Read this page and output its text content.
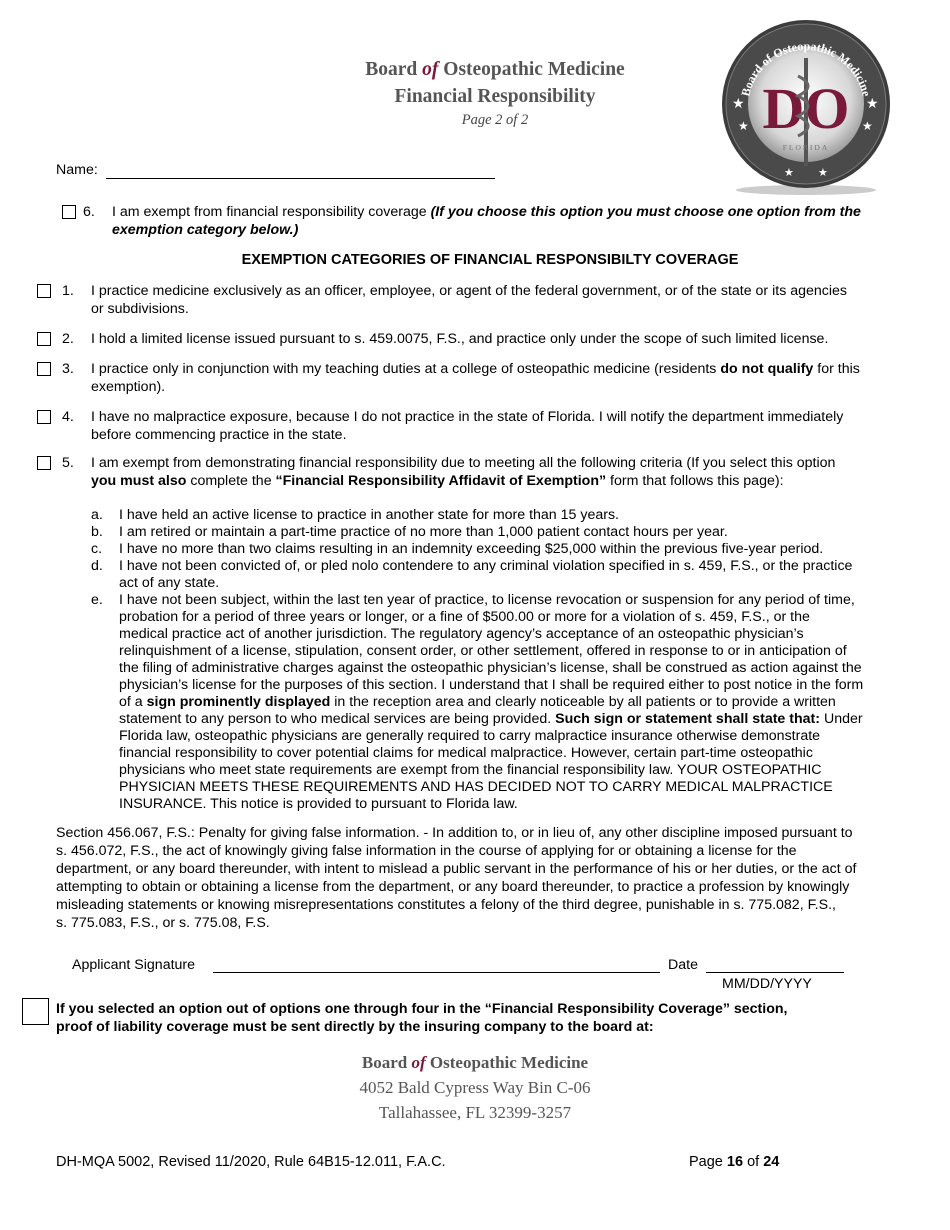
Board of Osteopathic Medicine
Financial Responsibility
Page 2 of 2
Board of Osteopathic Medicine
DO
FLORIDA
★	★
★	★
★ ★
Name:
6. I am exempt from financial responsibility coverage (If you choose this option you must choose one option from the
exemption category below.)
EXEMPTION CATEGORIES OF FINANCIAL RESPONSIBILTY COVERAGE
1. I practice medicine exclusively as an officer, employee, or agent of the federal government, or of the state or its agencies
or subdivisions.
2. I hold a limited license issued pursuant to s. 459.0075, F.S., and practice only under the scope of such limited license.
3. I practice only in conjunction with my teaching duties at a college of osteopathic medicine (residents do not qualify for this
exemption).
4. I have no malpractice exposure, because I do not practice in the state of Florida. I will notify the department immediately
before commencing practice in the state.
5. I am exempt from demonstrating financial responsibility due to meeting all the following criteria (If you select this option
you must also complete the “Financial Responsibility Affidavit of Exemption” form that follows this page):
a. I have held an active license to practice in another state for more than 15 years.
b. I am retired or maintain a part-time practice of no more than 1,000 patient contact hours per year.
c. I have no more than two claims resulting in an indemnity exceeding $25,000 within the previous five-year period.
d. I have not been convicted of, or pled nolo contendere to any criminal violation specified in s. 459, F.S., or the practice
act of any state.
e. I have not been subject, within the last ten year of practice, to license revocation or suspension for any period of time,
probation for a period of three years or longer, or a fine of $500.00 or more for a violation of s. 459, F.S., or the
medical practice act of another jurisdiction. The regulatory agency’s acceptance of an osteopathic physician’s
relinquishment of a license, stipulation, consent order, or other settlement, offered in response to or in anticipation of
the filing of administrative charges against the osteopathic physician’s license, shall be construed as action against the
physician’s license for the purposes of this section. I understand that I shall be required either to post notice in the form
of a sign prominently displayed in the reception area and clearly noticeable by all patients or to provide a written
statement to any person to who medical services are being provided. Such sign or statement shall state that: Under
Florida law, osteopathic physicians are generally required to carry malpractice insurance otherwise demonstrate
financial responsibility to cover potential claims for medical malpractice. However, certain part-time osteopathic
physicians who meet state requirements are exempt from the financial responsibility law. YOUR OSTEOPATHIC
PHYSICIAN MEETS THESE REQUIREMENTS AND HAS DECIDED NOT TO CARRY MEDICAL MALPRACTICE
INSURANCE. This notice is provided to pursuant to Florida law.
Section 456.067, F.S.: Penalty for giving false information. - In addition to, or in lieu of, any other discipline imposed pursuant to
s. 456.072, F.S., the act of knowingly giving false information in the course of applying for or obtaining a license for the
department, or any board thereunder, with intent to mislead a public servant in the performance of his or her duties, or the act of
attempting to obtain or obtaining a license from the department, or any board thereunder, to practice a profession by knowingly
misleading statements or knowing misrepresentations constitutes a felony of the third degree, punishable in s. 775.082, F.S.,
s. 775.083, F.S., or s. 775.08, F.S.
Applicant Signature	Date
MM/DD/YYYY
If you selected an option out of options one through four in the “Financial Responsibility Coverage” section,
proof of liability coverage must be sent directly by the insuring company to the board at:
Board of Osteopathic Medicine
4052 Bald Cypress Way Bin C-06
Tallahassee, FL 32399-3257
DH-MQA 5002, Revised 11/2020, Rule 64B15-12.011, F.A.C.	Page 16 of 24
